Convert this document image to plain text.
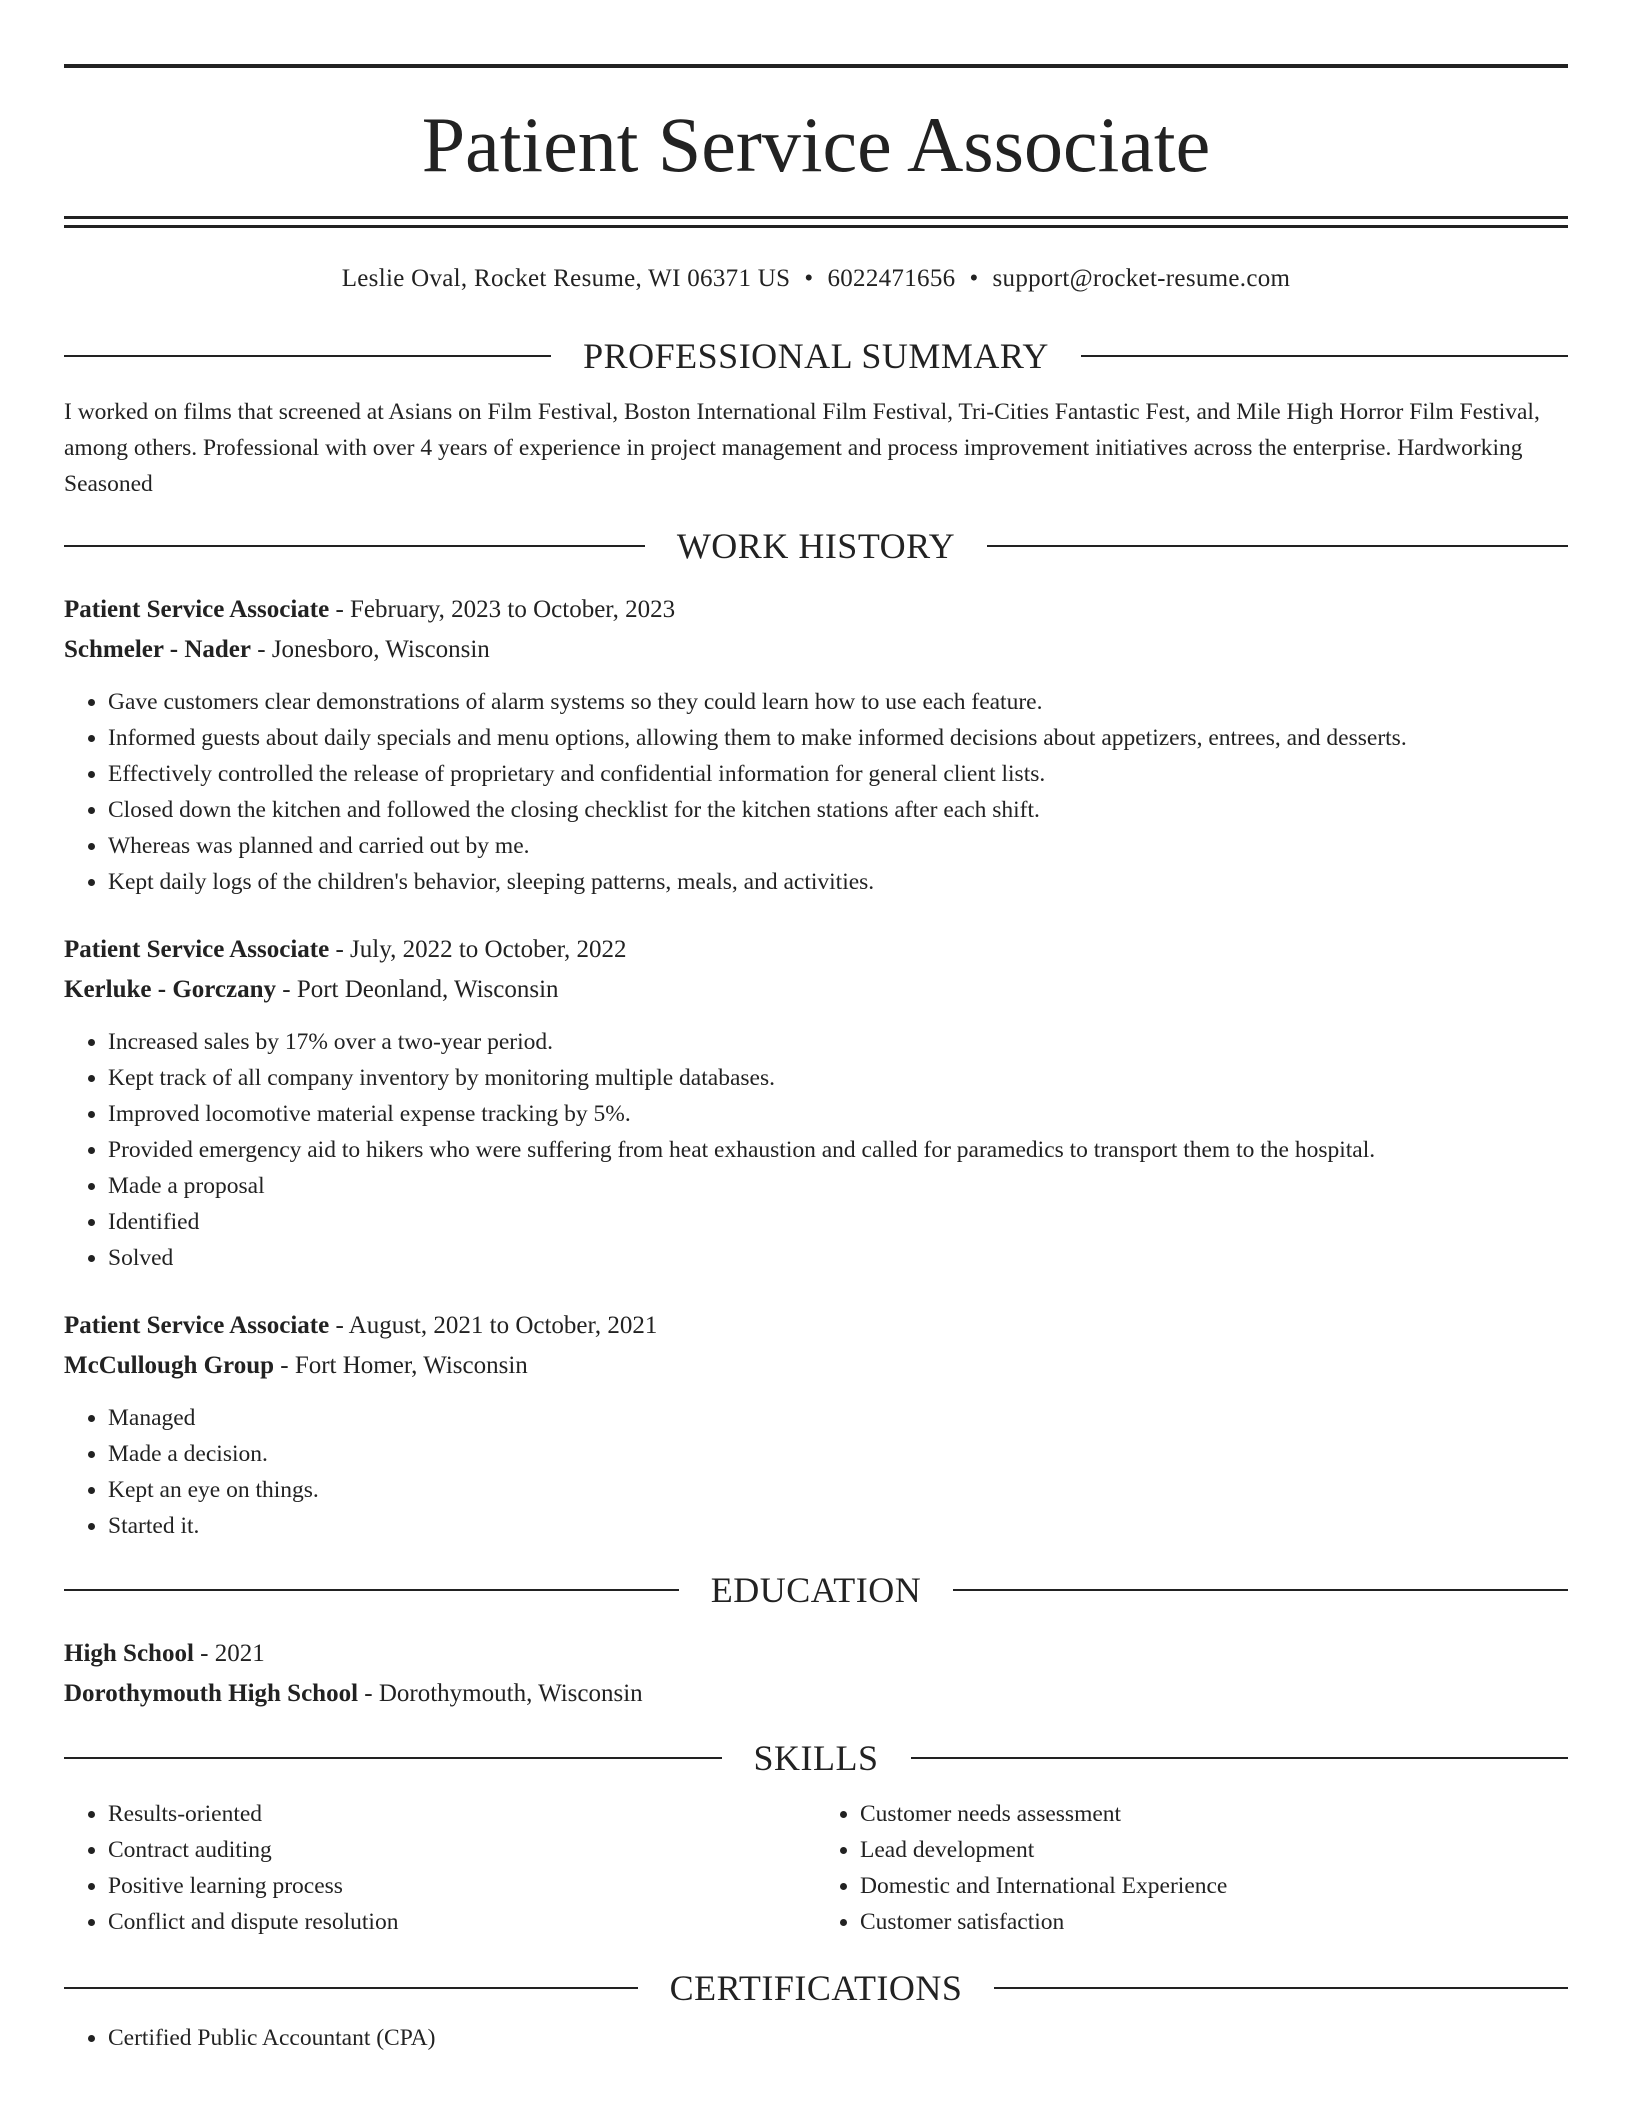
Patient Service Associate

Leslie Oval, Rocket Resume, WI 06371 US • 6022471656 • support@rocket-resume.com

PROFESSIONAL SUMMARY

I worked on films that screened at Asians on Film Festival, Boston International Film Festival, Tri-Cities Fantastic Fest, and Mile High Horror Film Festival, among others. Professional with over 4 years of experience in project management and process improvement initiatives across the enterprise. Hardworking Seasoned

WORK HISTORY

Patient Service Associate - February, 2023 to October, 2023

Schmeler - Nader - Jonesboro, Wisconsin

• Gave customers clear demonstrations of alarm systems so they could learn how to use each feature.
• Informed guests about daily specials and menu options, allowing them to make informed decisions about appetizers, entrees, and desserts.
• Effectively controlled the release of proprietary and confidential information for general client lists.
• Closed down the kitchen and followed the closing checklist for the kitchen stations after each shift.
• Whereas was planned and carried out by me.
• Kept daily logs of the children's behavior, sleeping patterns, meals, and activities.

Patient Service Associate - July, 2022 to October, 2022

Kerluke - Gorczany - Port Deonland, Wisconsin

• Increased sales by 17% over a two-year period.
• Kept track of all company inventory by monitoring multiple databases.
• Improved locomotive material expense tracking by 5%.
• Provided emergency aid to hikers who were suffering from heat exhaustion and called for paramedics to transport them to the hospital.
• Made a proposal
• Identified
• Solved

Patient Service Associate - August, 2021 to October, 2021

McCullough Group - Fort Homer, Wisconsin

• Managed
• Made a decision.
• Kept an eye on things.
• Started it.
EDUCATION

High School - 2021

Dorothymouth High School - Dorothymouth, Wisconsin

SKILLS
• Results-oriented
• Contract auditing
• Positive learning process
• Conflict and dispute resolution
• Customer needs assessment
• Lead development
• Domestic and International Experience
• Customer satisfaction
CERTIFICATIONS
• Certified Public Accountant (CPA)
